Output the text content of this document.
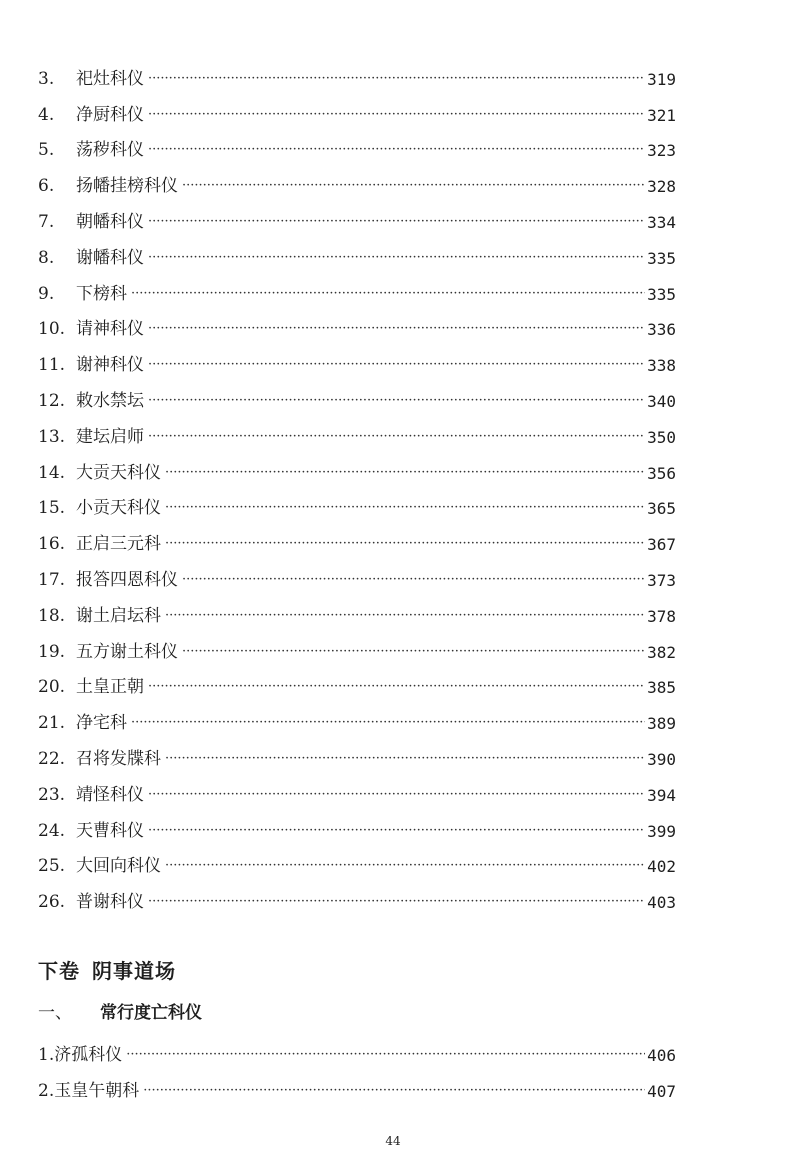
3.	祀灶科仪 ·····	319
4.	净厨科仪 ·····	321
5.	荡秽科仪 ·····	323
6.	扬幡挂榜科仪 ·····	328
7.	朝幡科仪 ·····	334
8.	谢幡科仪 ·····	335
9.	下榜科 ·····	335
10. 请神科仪 ·····	336
11. 谢神科仪 ·····	338
12. 敕水禁坛 ·····	340
13. 建坛启师 ·····	350
14. 大贡天科仪 ·····	356
15. 小贡天科仪 ·····	365
16. 正启三元科 ·····	367
17. 报答四恩科仪 ·····	373
18. 谢土启坛科 ·····	378
19. 五方谢土科仪 ·····	382
20. 土皇正朝 ·····	385
21. 净宅科 ·····	389
22. 召将发牒科 ·····	390
23. 靖怪科仪 ·····	394
24. 天曹科仪 ·····	399
25. 大回向科仪 ·····	402
26. 普谢科仪 ·····	403
下卷 阴事道场
一、 常行度亡科仪
1. 济孤科仪 ·····	406
2. 玉皇午朝科 ·····	407
44
